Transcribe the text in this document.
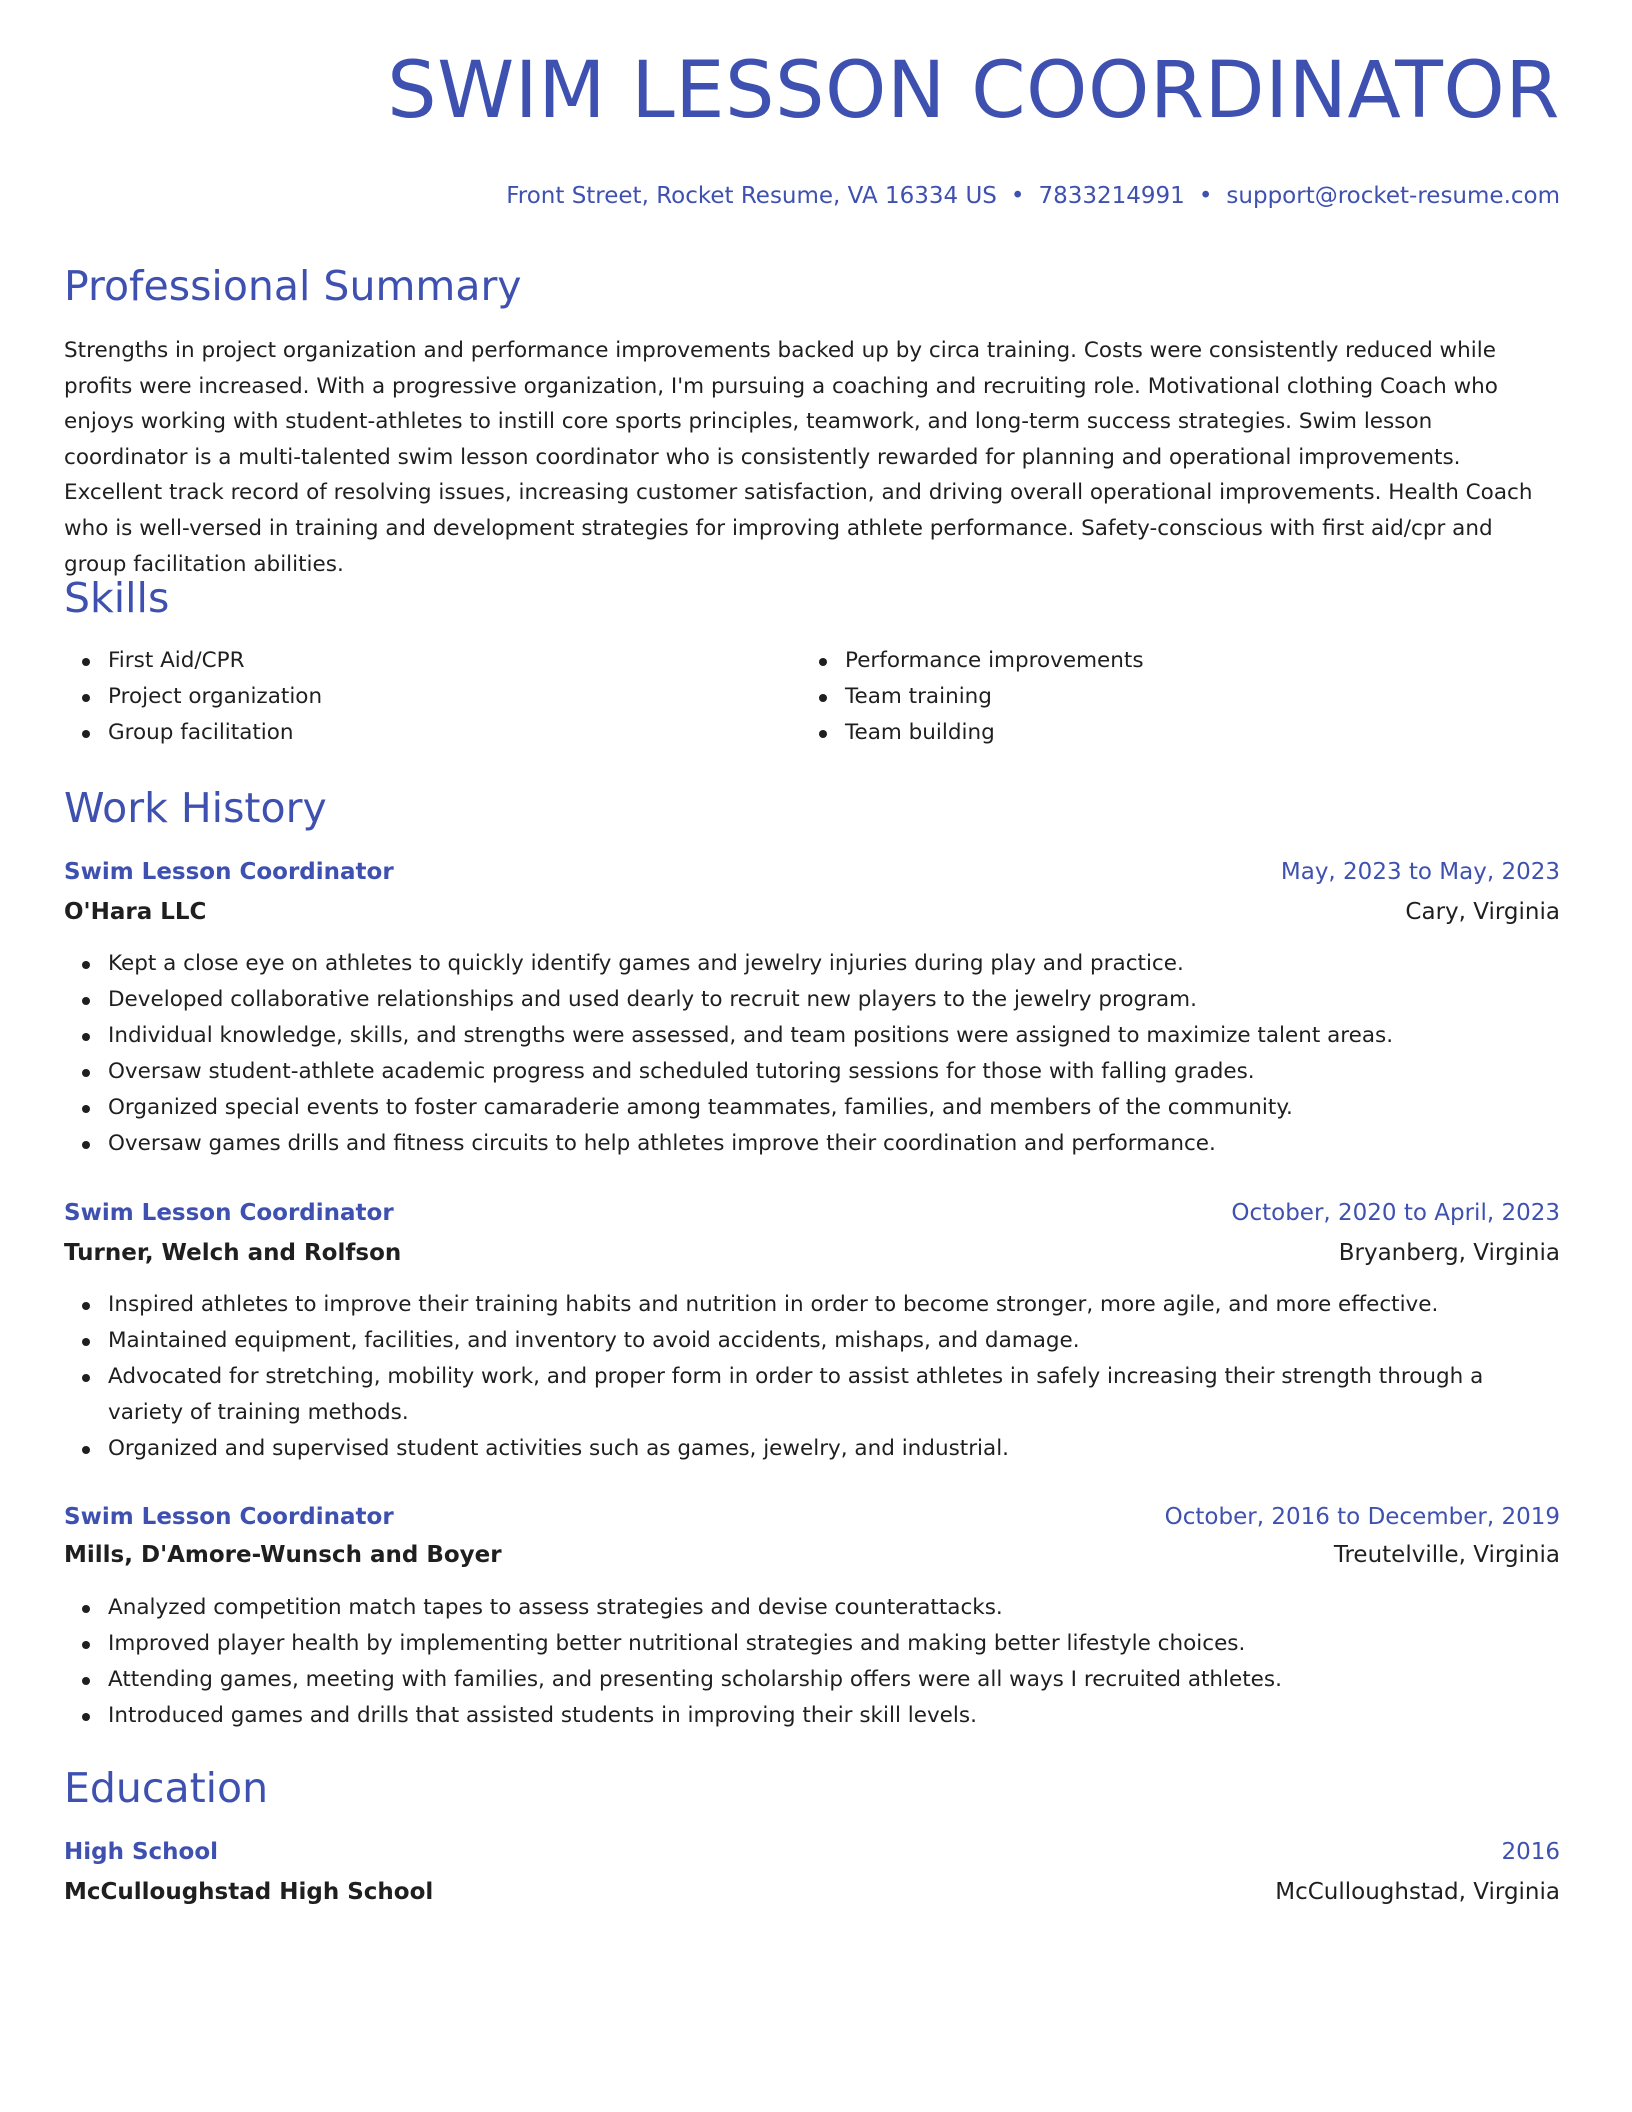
SWIM LESSON COORDINATOR
Front Street, Rocket Resume, VA 16334 US • 7833214991 • support@rocket-resume.com
Professional Summary

Strengths in project organization and performance improvements backed up by circa training. Costs were consistently reduced while profits were increased. With a progressive organization, I'm pursuing a coaching and recruiting role. Motivational clothing Coach who enjoys working with student-athletes to instill core sports principles, teamwork, and long-term success strategies. Swim lesson coordinator is a multi-talented swim lesson coordinator who is consistently rewarded for planning and operational improvements. Excellent track record of resolving issues, increasing customer satisfaction, and driving overall operational improvements. Health Coach who is well-versed in training and development strategies for improving athlete performance. Safety-conscious with first aid/cpr and group facilitation abilities.

Skills
First Aid/CPR
Project organization
Group facilitation
Performance improvements
Team training
Team building
Work History
Swim Lesson Coordinator	May, 2023 to May, 2023
O'Hara LLC	Cary, Virginia
Kept a close eye on athletes to quickly identify games and jewelry injuries during play and practice.
Developed collaborative relationships and used dearly to recruit new players to the jewelry program.
Individual knowledge, skills, and strengths were assessed, and team positions were assigned to maximize talent areas.
Oversaw student-athlete academic progress and scheduled tutoring sessions for those with falling grades.
Organized special events to foster camaraderie among teammates, families, and members of the community.
Oversaw games drills and fitness circuits to help athletes improve their coordination and performance.
Swim Lesson Coordinator	October, 2020 to April, 2023
Turner, Welch and Rolfson	Bryanberg, Virginia
Inspired athletes to improve their training habits and nutrition in order to become stronger, more agile, and more effective.
Maintained equipment, facilities, and inventory to avoid accidents, mishaps, and damage.
Advocated for stretching, mobility work, and proper form in order to assist athletes in safely increasing their strength through a variety of training methods.
Organized and supervised student activities such as games, jewelry, and industrial.
Swim Lesson Coordinator	October, 2016 to December, 2019
Mills, D'Amore-Wunsch and Boyer	Treutelville, Virginia
Analyzed competition match tapes to assess strategies and devise counterattacks.
Improved player health by implementing better nutritional strategies and making better lifestyle choices.
Attending games, meeting with families, and presenting scholarship offers were all ways I recruited athletes.
Introduced games and drills that assisted students in improving their skill levels.
Education
High School	2016
McCulloughstad High School	McCulloughstad, Virginia
